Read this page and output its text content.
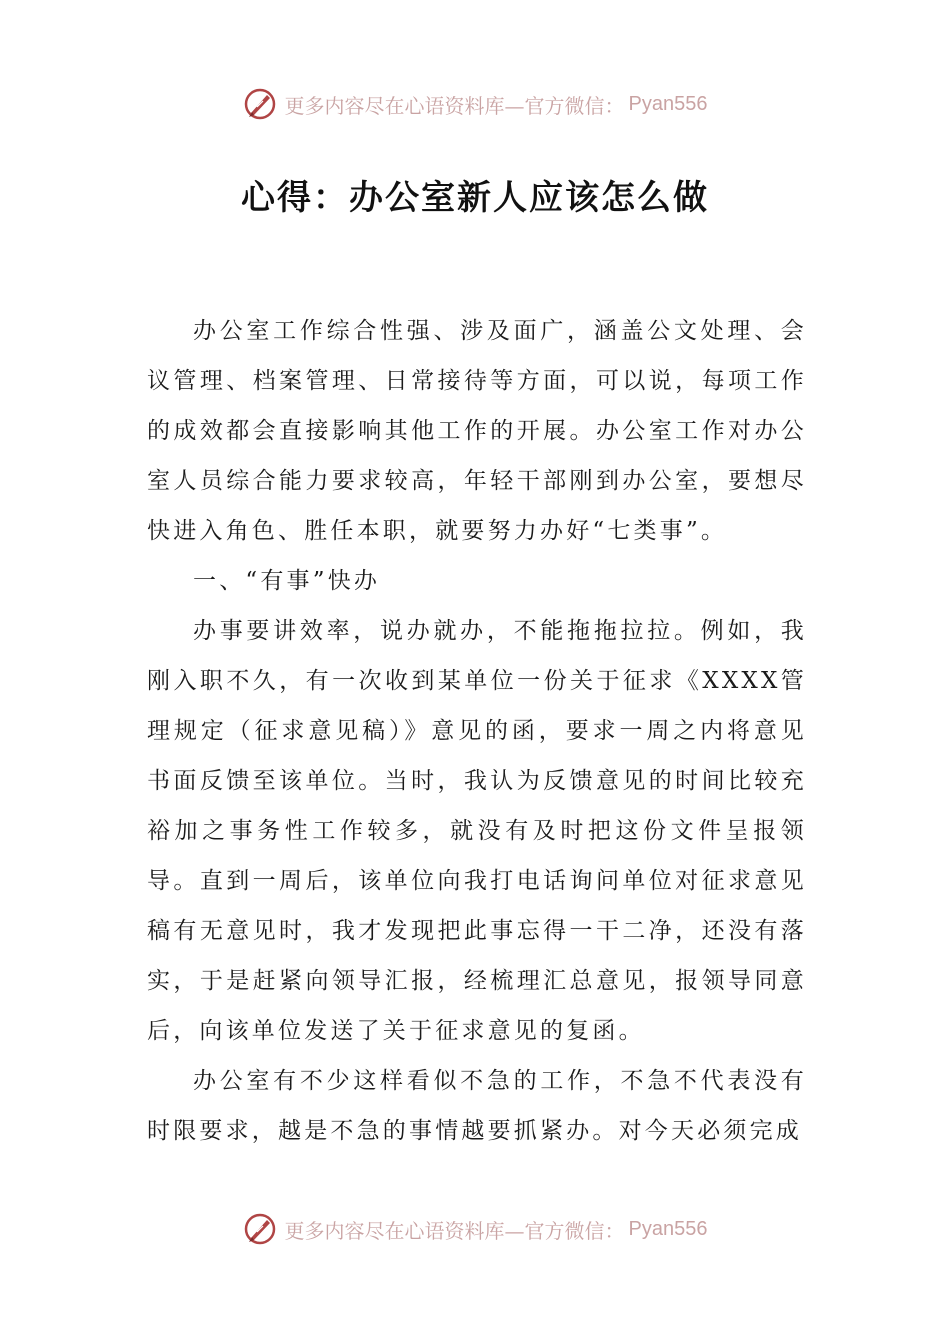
更多内容尽在心语资料库—官方微信： Pyan556
心得：办公室新人应该怎么做

办公室工作综合性强、涉及面广，涵盖公文处理、会议管理、档案管理、日常接待等方面，可以说，每项工作的成效都会直接影响其他工作的开展。办公室工作对办公室人员综合能力要求较高，年轻干部刚到办公室，要想尽快进入角色、胜任本职，就要努力办好“七类事”。

一、“有事”快办

办事要讲效率，说办就办，不能拖拖拉拉。例如，我刚入职不久，有一次收到某单位一份关于征求《XXXX管理规定（征求意见稿）》意见的函，要求一周之内将意见书面反馈至该单位。当时，我认为反馈意见的时间比较充裕加之事务性工作较多，就没有及时把这份文件呈报领导。直到一周后，该单位向我打电话询问单位对征求意见稿有无意见时，我才发现把此事忘得一干二净，还没有落实，于是赶紧向领导汇报，经梳理汇总意见，报领导同意后，向该单位发送了关于征求意见的复函。

办公室有不少这样看似不急的工作，不急不代表没有时限要求，越是不急的事情越要抓紧办。对今天必须完成

更多内容尽在心语资料库—官方微信： Pyan556
